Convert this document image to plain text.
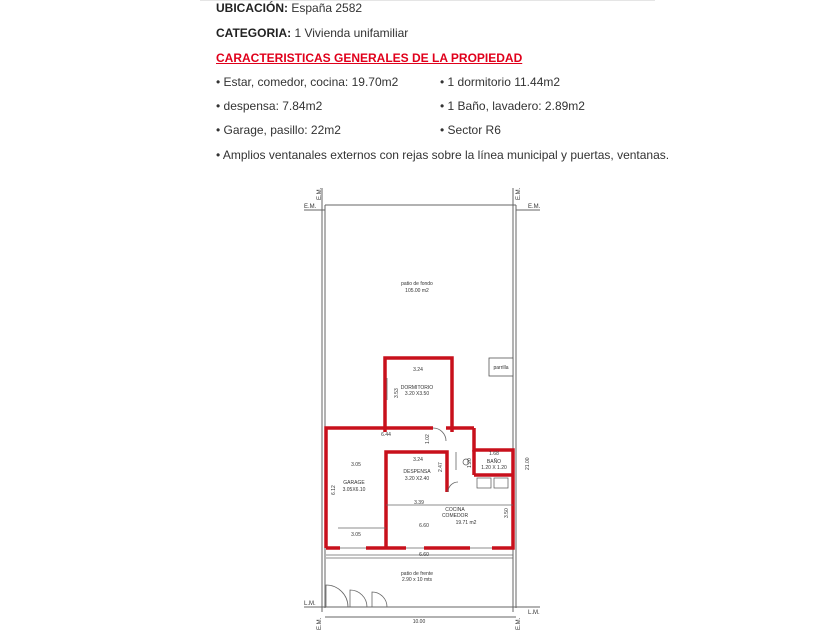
UBICACIÓN: España 2582
CATEGORIA: 1 Vivienda unifamiliar
CARACTERISTICAS GENERALES DE LA PROPIEDAD
• Estar, comedor, cocina: 19.70m2	• 1 dormitorio 11.44m2
• despensa: 7.84m2	• 1 Baño, lavadero: 2.89m2
• Garage, pasillo: 22m2	• Sector R6
• Amplios ventanales externos con rejas sobre la línea municipal y puertas, ventanas.
E.M.	E.M.
L.M.
L.M.
E.M.	E.M.
E.M.	E.M.
patio de fondo
105.00 m2
parrilla
DORMITORIO
3.20 X3.50
DESPENSA
3.20 X2.40
BAÑO
1.20 X 1.20
GARAGE
3.05X6.10
COCINA
COMEDOR
19.71 m2
patio de frente
2.90 x 10 mts
3.24
3.53
6.44	1.02
3.05
3.24
2.47	1.20
1.68
6.12
3.39
3.50
6.60
3.05
6.60
21.00
10.00
